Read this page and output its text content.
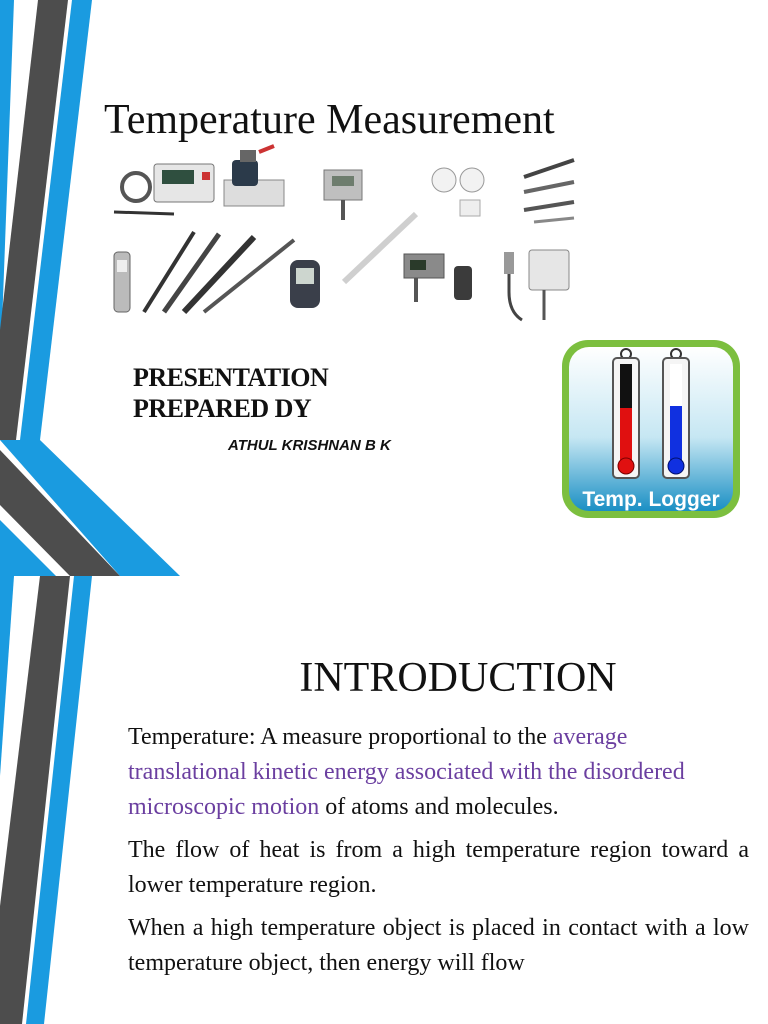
Temperature Measurement
PRESENTATION
PREPARED DY
ATHUL KRISHNAN B K
Temp. Logger
INTRODUCTION

Temperature: A measure proportional to the average translational kinetic energy associated with the disordered microscopic motion of atoms and molecules.

The flow of heat is from a high temperature region toward a lower temperature region.

When a high temperature object is placed in contact with a low temperature object, then energy will flow
